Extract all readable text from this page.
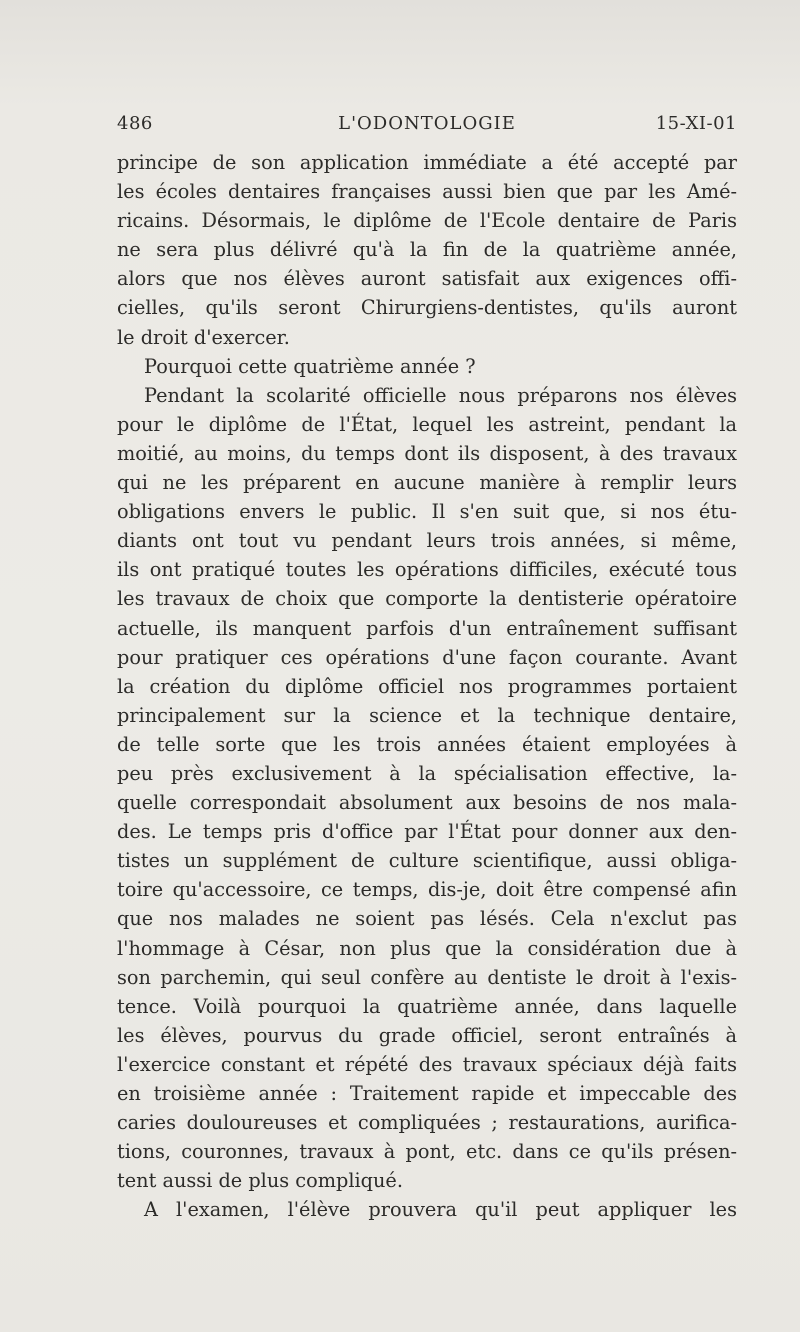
486	L'ODONTOLOGIE	15-XI-01

principe de son application immédiate a été accepté par
les écoles dentaires françaises aussi bien que par les Amé-
ricains. Désormais, le diplôme de l'Ecole dentaire de Paris
ne sera plus délivré qu'à la fin de la quatrième année,
alors que nos élèves auront satisfait aux exigences offi-
cielles, qu'ils seront Chirurgiens-dentistes, qu'ils auront
le droit d'exercer.

Pourquoi cette quatrième année ?

Pendant la scolarité officielle nous préparons nos élèves
pour le diplôme de l'État, lequel les astreint, pendant la
moitié, au moins, du temps dont ils disposent, à des travaux
qui ne les préparent en aucune manière à remplir leurs
obligations envers le public. Il s'en suit que, si nos étu-
diants ont tout vu pendant leurs trois années, si même,
ils ont pratiqué toutes les opérations difficiles, exécuté tous
les travaux de choix que comporte la dentisterie opératoire
actuelle, ils manquent parfois d'un entraînement suffisant
pour pratiquer ces opérations d'une façon courante. Avant
la création du diplôme officiel nos programmes portaient
principalement sur la science et la technique dentaire,
de telle sorte que les trois années étaient employées à
peu près exclusivement à la spécialisation effective, la-
quelle correspondait absolument aux besoins de nos mala-
des. Le temps pris d'office par l'État pour donner aux den-
tistes un supplément de culture scientifique, aussi obliga-
toire qu'accessoire, ce temps, dis-je, doit être compensé afin
que nos malades ne soient pas lésés. Cela n'exclut pas
l'hommage à César, non plus que la considération due à
son parchemin, qui seul confère au dentiste le droit à l'exis-
tence. Voilà pourquoi la quatrième année, dans laquelle
les élèves, pourvus du grade officiel, seront entraînés à
l'exercice constant et répété des travaux spéciaux déjà faits
en troisième année : Traitement rapide et impeccable des
caries douloureuses et compliquées ; restaurations, aurifica-
tions, couronnes, travaux à pont, etc. dans ce qu'ils présen-
tent aussi de plus compliqué.

A l'examen, l'élève prouvera qu'il peut appliquer les
